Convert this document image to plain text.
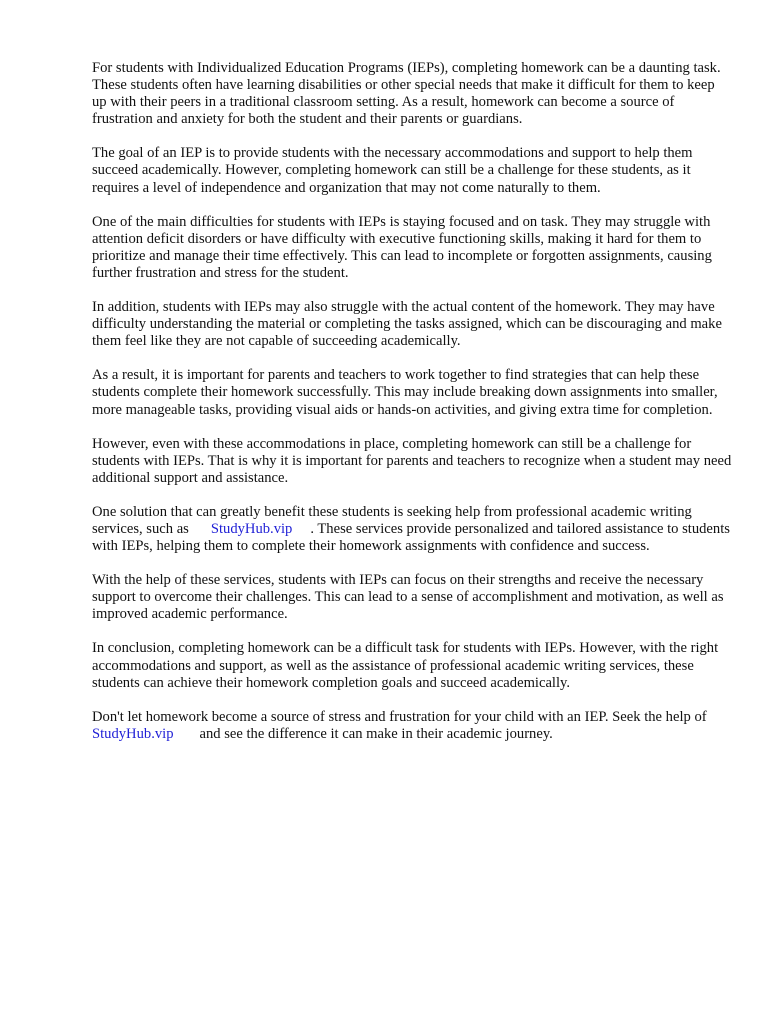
For students with Individualized Education Programs (IEPs), completing homework can be a daunting task. These students often have learning disabilities or other special needs that make it difficult for them to keep up with their peers in a traditional classroom setting. As a result, homework can become a source of frustration and anxiety for both the student and their parents or guardians.

The goal of an IEP is to provide students with the necessary accommodations and support to help them succeed academically. However, completing homework can still be a challenge for these students, as it requires a level of independence and organization that may not come naturally to them.

One of the main difficulties for students with IEPs is staying focused and on task. They may struggle with attention deficit disorders or have difficulty with executive functioning skills, making it hard for them to prioritize and manage their time effectively. This can lead to incomplete or forgotten assignments, causing further frustration and stress for the student.

In addition, students with IEPs may also struggle with the actual content of the homework. They may have difficulty understanding the material or completing the tasks assigned, which can be discouraging and make them feel like they are not capable of succeeding academically.

As a result, it is important for parents and teachers to work together to find strategies that can help these students complete their homework successfully. This may include breaking down assignments into smaller, more manageable tasks, providing visual aids or hands-on activities, and giving extra time for completion.

However, even with these accommodations in place, completing homework can still be a challenge for students with IEPs. That is why it is important for parents and teachers to recognize when a student may need additional support and assistance.

One solution that can greatly benefit these students is seeking help from professional academic writing services, such as StudyHub.vip . These services provide personalized and tailored assistance to students with IEPs, helping them to complete their homework assignments with confidence and success.

With the help of these services, students with IEPs can focus on their strengths and receive the necessary support to overcome their challenges. This can lead to a sense of accomplishment and motivation, as well as improved academic performance.

In conclusion, completing homework can be a difficult task for students with IEPs. However, with the right accommodations and support, as well as the assistance of professional academic writing services, these students can achieve their homework completion goals and succeed academically.

Don't let homework become a source of stress and frustration for your child with an IEP. Seek the help ofStudyHub.vip and see the difference it can make in their academic journey.
